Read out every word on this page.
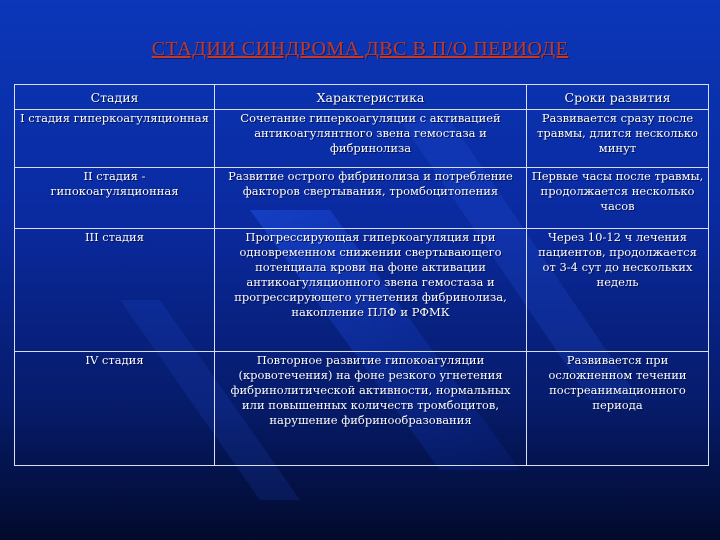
СТАДИИ СИНДРОМА ДВС В П/О ПЕРИОДЕ
Стадия	Характеристика	Сроки развития
I стадия гиперкоагуляционная	Сочетание гиперкоагуляции с активацией антикоагулянтного звена гемостаза и фибринолиза	Развивается сразу после травмы, длится несколько минут
II стадия - гипокоагуляционная	Развитие острого фибринолиза и потребление факторов свертывания, тромбоцитопения	Первые часы после травмы, продолжается несколько часов
III стадия	Прогрессирующая гиперкоагуляция при одновременном снижении свертывающего потенциала крови на фоне активации антикоагуляционного звена гемостаза и прогрессирующего угнетения фибринолиза, накопление ПЛФ и РФМК	Через 10-12 ч лечения пациентов, продолжается от 3-4 сут до нескольких недель
IV стадия	Повторное развитие гипокоагуляции (кровотечения) на фоне резкого угнетения фибринолитической активности, нормальных или повышенных количеств тромбоцитов, нарушение фибринообразования	Развивается при осложненном течении постреанимационного периода
